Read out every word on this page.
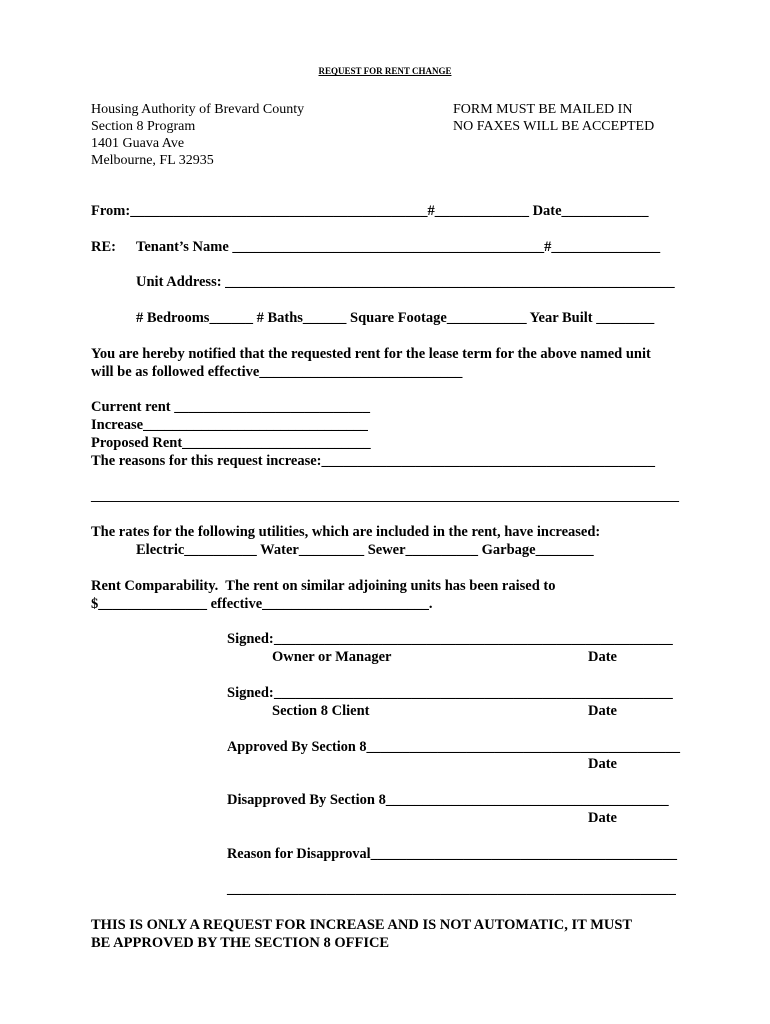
REQUEST FOR RENT CHANGE
Housing Authority of Brevard County
Section 8 Program
1401 Guava Ave
Melbourne, FL 32935
FORM MUST BE MAILED IN
NO FAXES WILL BE ACCEPTED
From:_________________________________________#_____________ Date____________
RE: Tenant’s Name ___________________________________________#_______________
Unit Address: ______________________________________________________________
# Bedrooms______ # Baths______ Square Footage___________ Year Built ________
You are hereby notified that the requested rent for the lease term for the above named unit
will be as followed effective____________________________
Current rent ___________________________
Increase_______________________________
Proposed Rent__________________________
The reasons for this request increase:______________________________________________
____________________________________________________________________________________
The rates for the following utilities, which are included in the rent, have increased:
Electric__________ Water_________ Sewer__________ Garbage________
Rent Comparability.  The rent on similar adjoining units has been raised to
$_______________ effective_______________________.
Signed: _______________________________________________________
Owner or Manager	Date
Signed: _______________________________________________________
Section 8 Client	Date
Approved By Section 8____________________________________________
Date
Disapproved By Section 8_______________________________________
Date
Reason for Disapproval___________________________________________
_______________________________________________________________
THIS IS ONLY A REQUEST FOR INCREASE AND IS NOT AUTOMATIC, IT MUST
BE APPROVED BY THE SECTION 8 OFFICE
